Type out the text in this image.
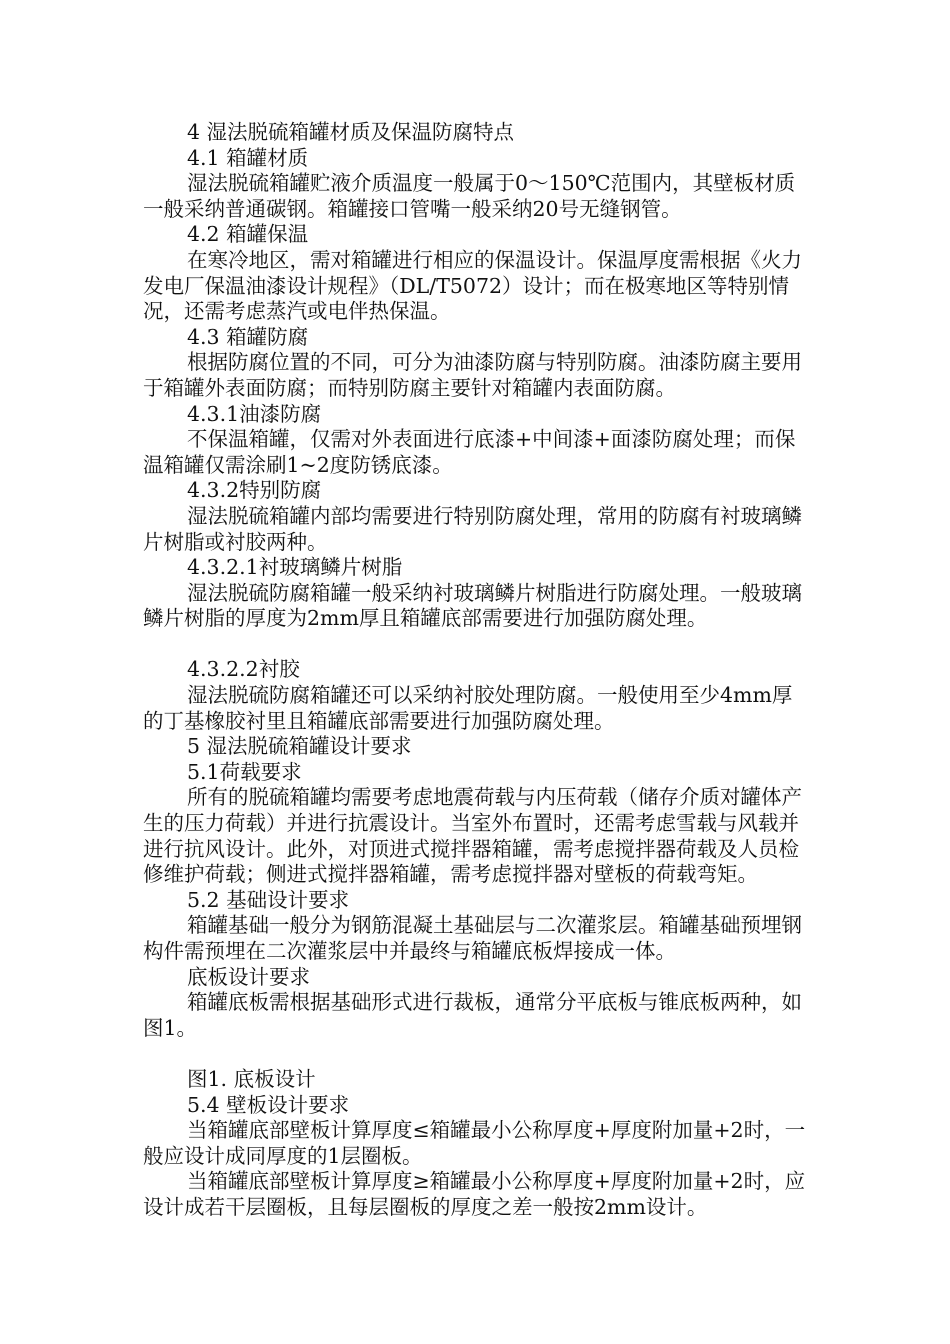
4 湿法脱硫箱罐材质及保温防腐特点

4.1 箱罐材质

湿法脱硫箱罐贮液介质温度一般属于0～150℃范围内，其壁板材质一般采纳普通碳钢。箱罐接口管嘴一般采纳20号无缝钢管。

4.2 箱罐保温

在寒冷地区，需对箱罐进行相应的保温设计。保温厚度需根据《火力发电厂保温油漆设计规程》（DL/T5072）设计；而在极寒地区等特别情况，还需考虑蒸汽或电伴热保温。

4.3 箱罐防腐

根据防腐位置的不同，可分为油漆防腐与特别防腐。油漆防腐主要用于箱罐外表面防腐；而特别防腐主要针对箱罐内表面防腐。

4.3.1油漆防腐

不保温箱罐，仅需对外表面进行底漆+中间漆+面漆防腐处理；而保温箱罐仅需涂刷1~2度防锈底漆。

4.3.2特别防腐

湿法脱硫箱罐内部均需要进行特别防腐处理，常用的防腐有衬玻璃鳞片树脂或衬胶两种。

4.3.2.1衬玻璃鳞片树脂

湿法脱硫防腐箱罐一般采纳衬玻璃鳞片树脂进行防腐处理。一般玻璃鳞片树脂的厚度为2mm厚且箱罐底部需要进行加强防腐处理。

4.3.2.2衬胶

湿法脱硫防腐箱罐还可以采纳衬胶处理防腐。一般使用至少4mm厚的丁基橡胶衬里且箱罐底部需要进行加强防腐处理。

5 湿法脱硫箱罐设计要求

5.1荷载要求

所有的脱硫箱罐均需要考虑地震荷载与内压荷载（储存介质对罐体产生的压力荷载）并进行抗震设计。当室外布置时，还需考虑雪载与风载并进行抗风设计。此外，对顶进式搅拌器箱罐，需考虑搅拌器荷载及人员检修维护荷载；侧进式搅拌器箱罐，需考虑搅拌器对壁板的荷载弯矩。

5.2 基础设计要求

箱罐基础一般分为钢筋混凝土基础层与二次灌浆层。箱罐基础预埋钢构件需预埋在二次灌浆层中并最终与箱罐底板焊接成一体。

底板设计要求

箱罐底板需根据基础形式进行裁板，通常分平底板与锥底板两种，如图1。

图1. 底板设计

5.4 壁板设计要求

当箱罐底部壁板计算厚度≤箱罐最小公称厚度+厚度附加量+2时，一般应设计成同厚度的1层圈板。

当箱罐底部壁板计算厚度≥箱罐最小公称厚度+厚度附加量+2时，应设计成若干层圈板，且每层圈板的厚度之差一般按2mm设计。
